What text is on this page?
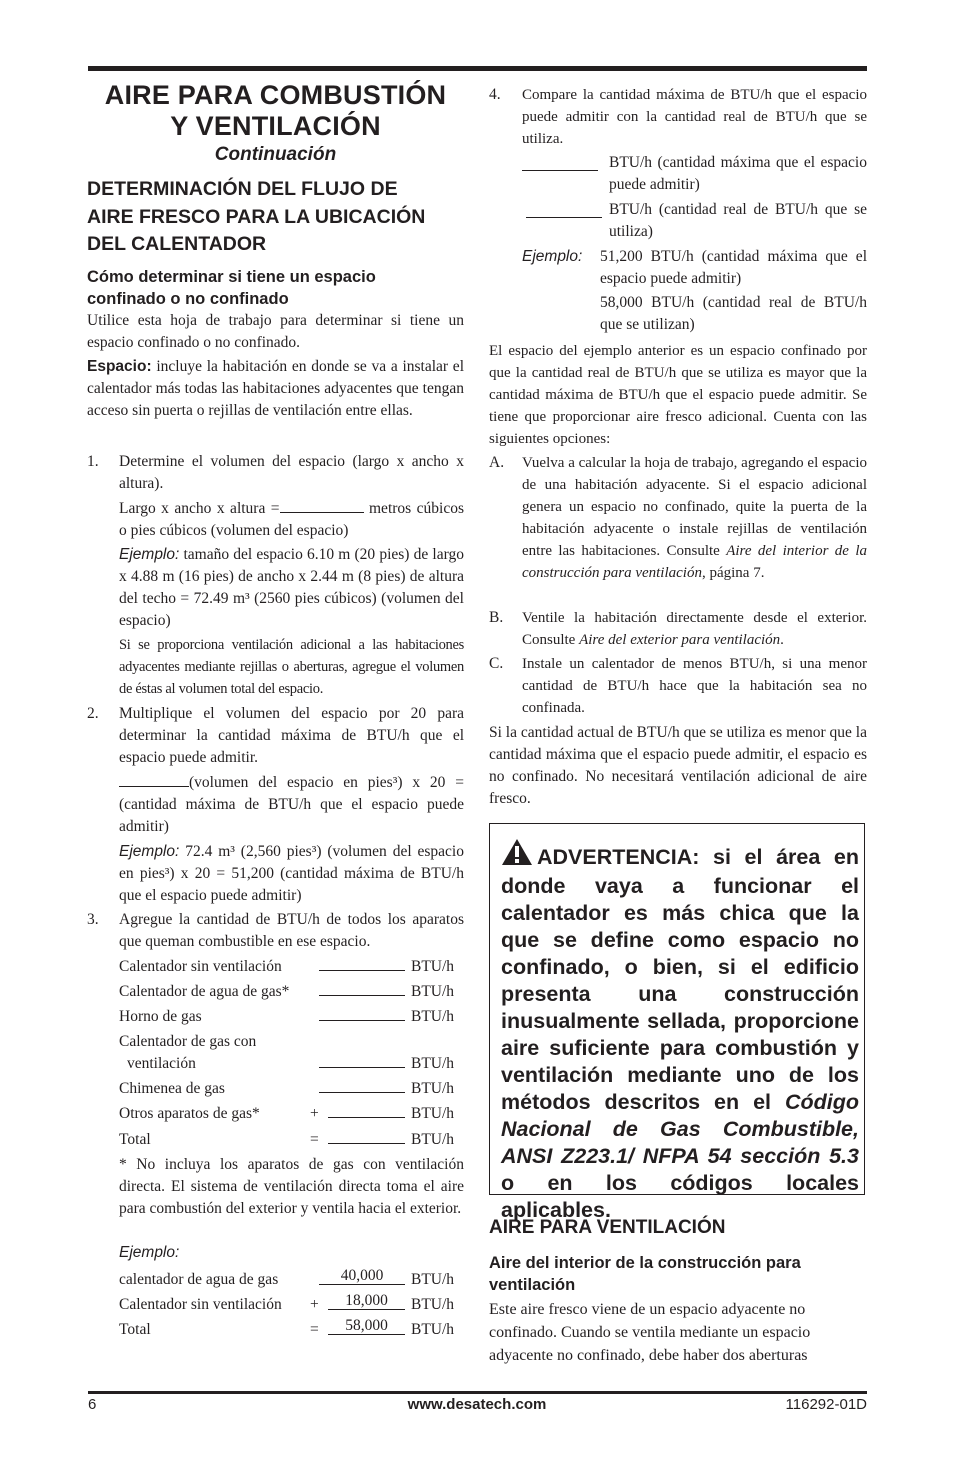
AIRE PARA COMBUSTIÓN
Y VENTILACIÓN
Continuación
DETERMINACIÓN DEL FLUJO DE
AIRE FRESCO PARA LA UBICACIÓN
DEL CALENTADOR
Cómo determinar si tiene un espacio
confinado o no confinado

Utilice esta hoja de trabajo para determinar si tiene un espacio confinado o no confinado.

Espacio: incluye la habitación en donde se va a instalar el calentador más todas las habitaciones adyacentes que tengan acceso sin puerta o rejillas de ventilación entre ellas.

1. Determine el volumen del espacio (largo x ancho x altura).
Largo x ancho x altura =	metros cúbicos o pies cúbicos (volumen del espacio)
Ejemplo: tamaño del espacio 6.10 m (20 pies) de largo x 4.88 m (16 pies) de ancho x 2.44 m (8 pies) de altura del techo = 72.49 m³ (2560 pies cúbicos) (volumen del espacio)
Si se proporciona ventilación adicional a las habitaciones adyacentes mediante rejillas o aberturas, agregue el volumen de éstas al volumen total del espacio.
2. Multiplique el volumen del espacio por 20 para determinar la cantidad máxima de BTU/h que el espacio puede admitir.
(volumen del espacio en pies³) x 20 = (cantidad máxima de BTU/h que el espacio puede admitir)
Ejemplo: 72.4 m³ (2,560 pies³) (volumen del espacio en pies³) x 20 = 51,200 (cantidad máxima de BTU/h que el espacio puede admitir)
3. Agregue la cantidad de BTU/h de todos los aparatos que queman combustible en ese espacio.
Calentador sin ventilación	BTU/h
Calentador de agua de gas*	BTU/h
Horno de gas	BTU/h
Calentador de gas con
ventilación	BTU/h
Chimenea de gas	BTU/h
Otros aparatos de gas*	+	BTU/h
Total	=	BTU/h
* No incluya los aparatos de gas con ventilación directa. El sistema de ventilación directa toma el aire para combustión del exterior y ventila hacia el exterior.
Ejemplo:
calentador de agua de gas	40,000	BTU/h
Calentador sin ventilación +	18,000	BTU/h
Total	=	58,000	BTU/h
4. Compare la cantidad máxima de BTU/h que el espacio puede admitir con la cantidad real de BTU/h que se utiliza.
BTU/h (cantidad máxima que el espacio puede admitir)
BTU/h (cantidad real de BTU/h que se utiliza)
Ejemplo: 51,200 BTU/h (cantidad máxima que el espacio puede admitir)
58,000 BTU/h (cantidad real de BTU/h que se utilizan)
El espacio del ejemplo anterior es un espacio confinado por que la cantidad real de BTU/h que se utiliza es mayor que la cantidad máxima de BTU/h que el espacio puede admitir. Se tiene que proporcionar aire fresco adicional. Cuenta con las siguientes opciones:
A. Vuelva a calcular la hoja de trabajo, agregando el espacio de una habitación adyacente. Si el espacio adicional genera un espacio no confinado, quite la puerta de la habitación adyacente o instale rejillas de ventilación entre las habitaciones. Consulte Aire del interior de la construcción para ventilación, página 7.
B. Ventile la habitación directamente desde el exterior. Consulte Aire del exterior para ventilación.
C. Instale un calentador de menos BTU/h, si una menor cantidad de BTU/h hace que la habitación sea no confinada.
Si la cantidad actual de BTU/h que se utiliza es menor que la cantidad máxima que el espacio puede admitir, el espacio es no confinado. No necesitará ventilación adicional de aire fresco.

ADVERTENCIA: si el área en donde vaya a funcionar el calentador es más chica que la que se define como espacio no confinado, o bien, si el edificio presenta una construcción inusualmente sellada, proporcione aire suficiente para combustión y ventilación mediante uno de los métodos descritos en el Código Nacional de Gas Combustible, ANSI Z223.1/ NFPA 54 sección 5.3 o en los códigos locales aplicables.

AIRE PARA VENTILACIÓN
Aire del interior de la construcción para
ventilación
Este aire fresco viene de un espacio adyacente no confinado. Cuando se ventila mediante un espacio adyacente no confinado, debe haber dos aberturas
6	www.desatech.com	116292-01D
